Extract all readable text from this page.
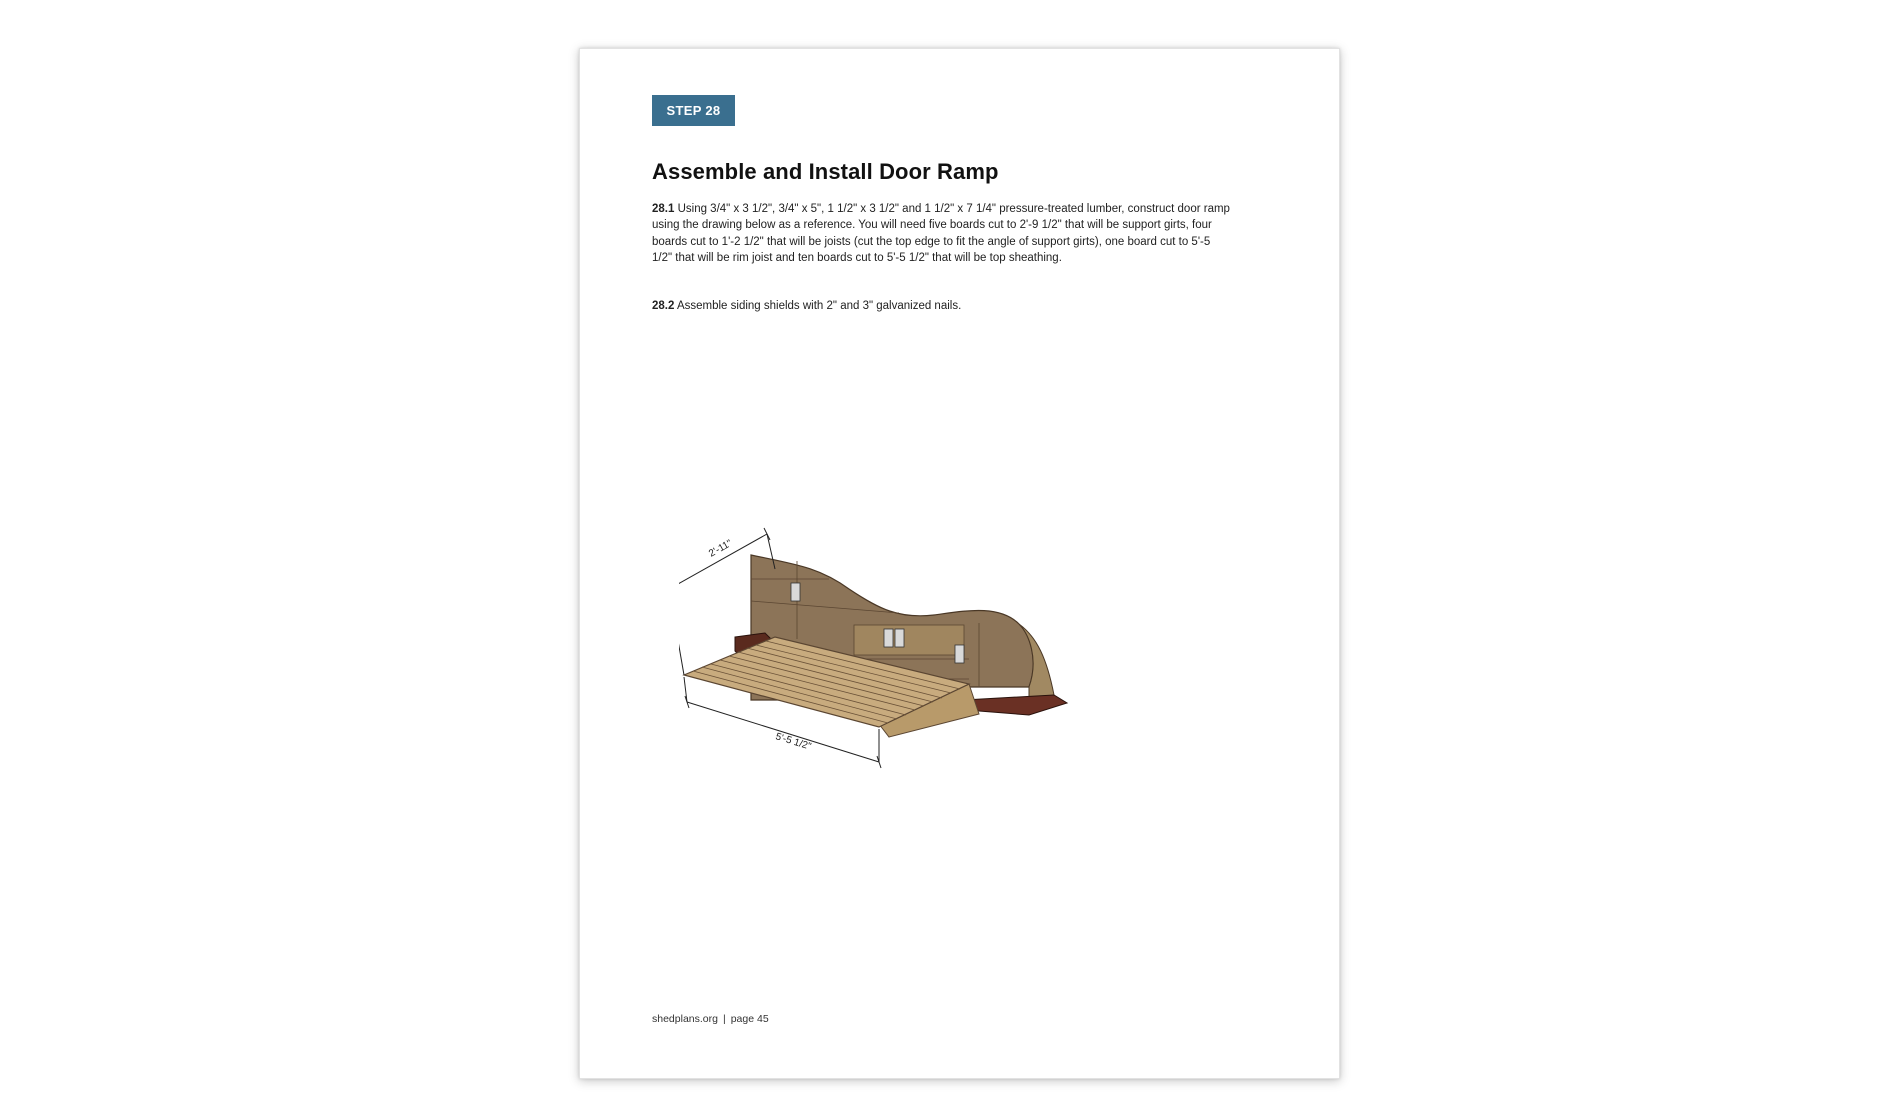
STEP 28
Assemble and Install Door Ramp

28.1 Using 3/4" x 3 1/2", 3/4" x 5", 1 1/2" x 3 1/2" and 1 1/2" x 7 1/4" pressure-treated lumber, construct door ramp using the drawing below as a reference. You will need five boards cut to 2'-9 1/2" that will be support girts, four boards cut to 1'-2 1/2" that will be joists (cut the top edge to fit the angle of support girts), one board cut to 5'-5 1/2" that will be rim joist and ten boards cut to 5'-5 1/2" that will be top sheathing.

28.2 Assemble siding shields with 2" and 3" galvanized nails.

2'-11"
5'-5 1/2"
shedplans.org | page 45
